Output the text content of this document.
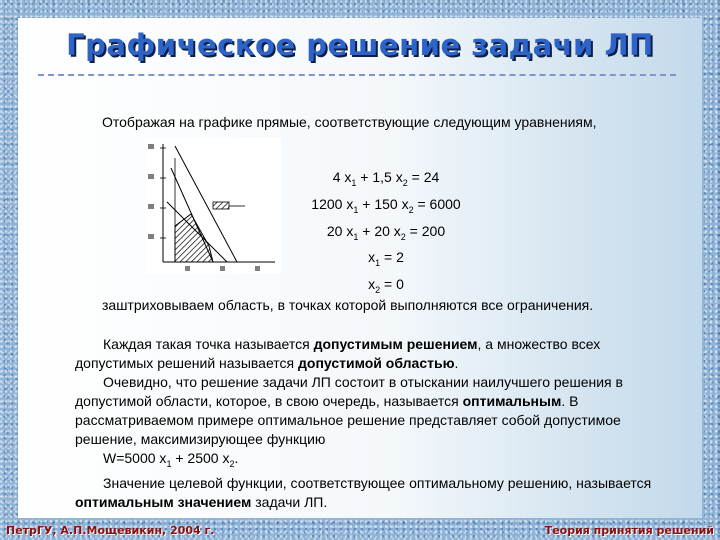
Графическое решение задачи ЛП
Отображая на графике прямые, соответствующие следующим уравнениям,
4 $x_1 + 1,5$ $x_2 = 24$
1200 $x_1 + 150$ $x_2 = 6000$
20 $x_1 + 20$ $x_2 = 200$
$x_1 = 2$
$x_2 = 0$
заштриховываем область, в точках которой выполняются все ограничения.

Каждая такая точка называется допустимым решением, а множество всех допустимых решений называется допустимой областью.

Очевидно, что решение задачи ЛП состоит в отыскании наилучшего решения в допустимой области, которое, в свою очередь, называется оптимальным. В рассматриваемом примере оптимальное решение представляет собой допустимое решение, максимизирующее функцию

W=5000 $x_1 + 2500$ $x_2$.

Значение целевой функции, соответствующее оптимальному решению, называется оптимальным значением задачи ЛП.

ПетрГУ, А.П.Мощевикин, 2004 г.	Теория принятия решений
